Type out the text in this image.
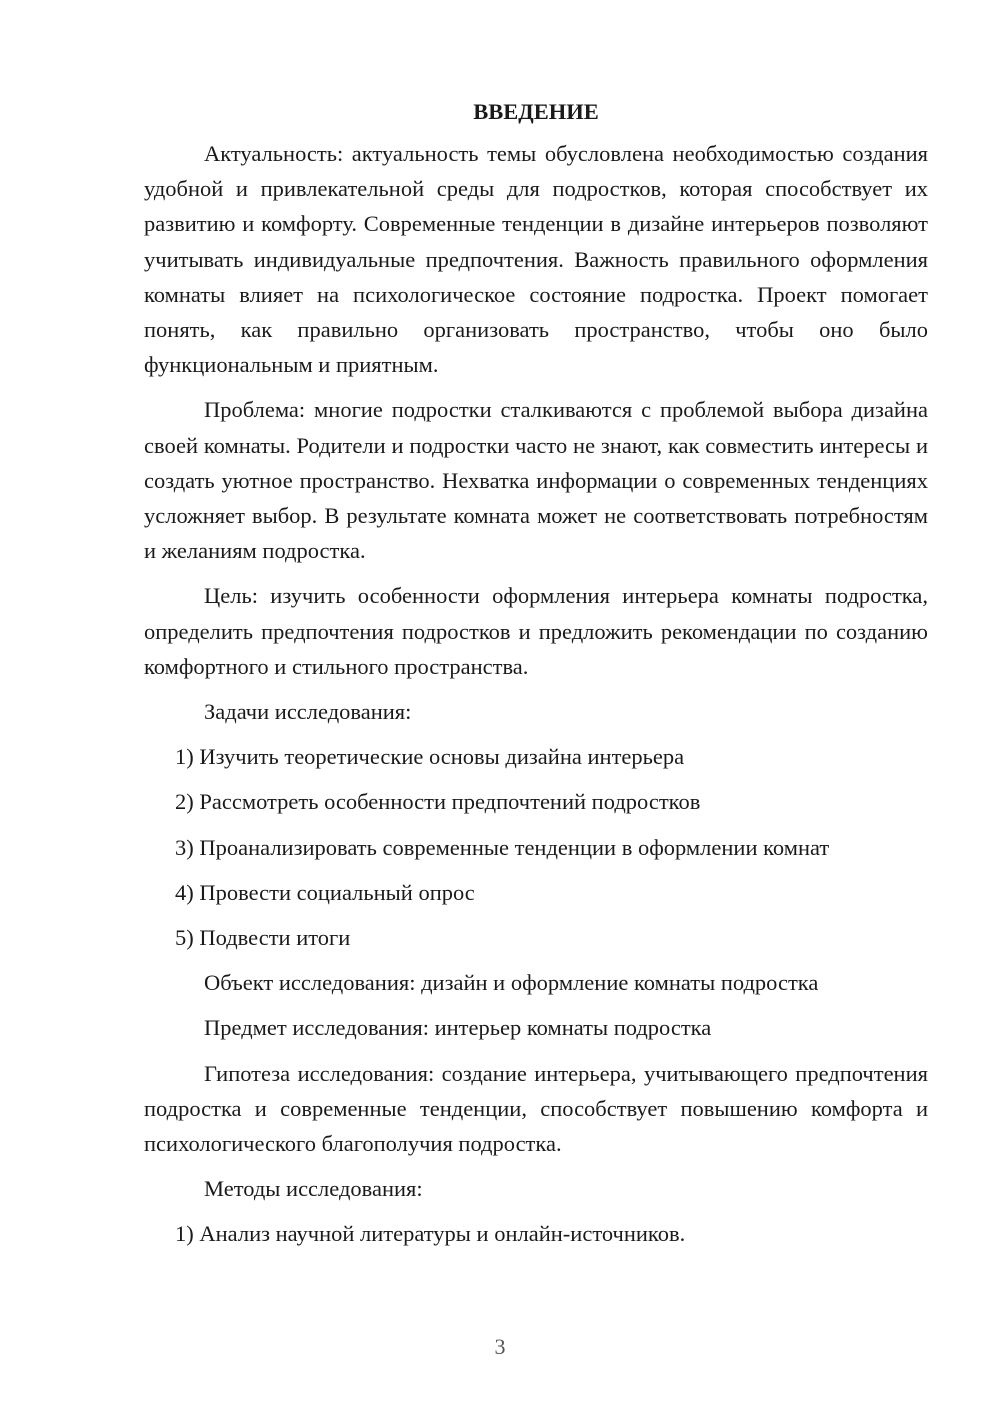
ВВЕДЕНИЕ

Актуальность: актуальность темы обусловлена необходимостью создания удобной и привлекательной среды для подростков, которая способствует их развитию и комфорту. Современные тенденции в дизайне интерьеров позволяют учитывать индивидуальные предпочтения. Важность правильного оформления комнаты влияет на психологическое состояние подростка. Проект помогает понять, как правильно организовать пространство, чтобы оно было функциональным и приятным.

Проблема: многие подростки сталкиваются с проблемой выбора дизайна своей комнаты. Родители и подростки часто не знают, как совместить интересы и создать уютное пространство. Нехватка информации о современных тенденциях усложняет выбор. В результате комната может не соответствовать потребностям и желаниям подростка.

Цель: изучить особенности оформления интерьера комнаты подростка, определить предпочтения подростков и предложить рекомендации по созданию комфортного и стильного пространства.

Задачи исследования:

1) Изучить теоретические основы дизайна интерьера

2) Рассмотреть особенности предпочтений подростков

3) Проанализировать современные тенденции в оформлении комнат

4) Провести социальный опрос

5) Подвести итоги

Объект исследования: дизайн и оформление комнаты подростка

Предмет исследования: интерьер комнаты подростка

Гипотеза исследования: создание интерьера, учитывающего предпочтения подростка и современные тенденции, способствует повышению комфорта и психологического благополучия подростка.

Методы исследования:

1) Анализ научной литературы и онлайн-источников.

3
